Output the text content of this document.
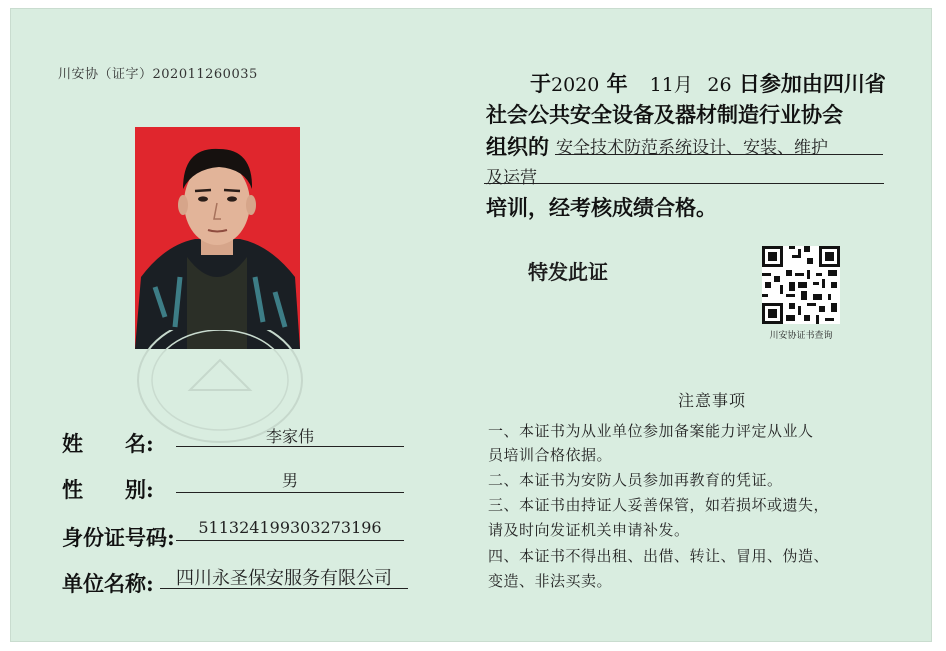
川安协（证字）202011260035
姓　　名:	李家伟
性　　别:	男
身份证号码:	511324199303273196
单位名称:	四川永圣保安服务有限公司
于2020 年 11月 26 日参加由四川省
社会公共安全设备及器材制造行业协会
组织的 安全技术防范系统设计、安装、维护
及运营
培训，经考核成绩合格。
特发此证
川安协证书查询
注意事项
一、本证书为从业单位参加备案能力评定从业人
员培训合格依据。
二、本证书为安防人员参加再教育的凭证。
三、本证书由持证人妥善保管，如若损坏或遗失，
请及时向发证机关申请补发。
四、本证书不得出租、出借、转让、冒用、伪造、
变造、非法买卖。
